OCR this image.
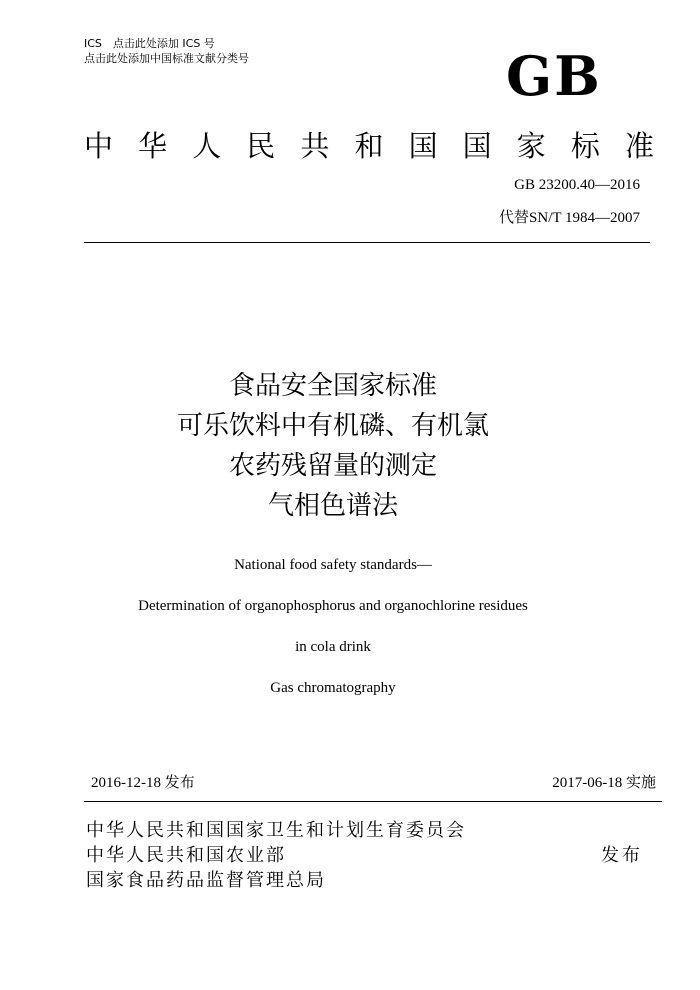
ICS　点击此处添加 ICS 号
点击此处添加中国标准文献分类号	GB
中 华 人 民 共 和 国 国 家 标 准
GB 23200.40—2016
代替SN/T 1984—2007
食品安全国家标准
可乐饮料中有机磷、有机氯
农药残留量的测定
气相色谱法
National food safety standards—
Determination of organophosphorus and organochlorine residues
in cola drink
Gas chromatography
2016-12-18 发布	2017-06-18 实施
中华人民共和国国家卫生和计划生育委员会
中华人民共和国农业部
国家食品药品监督管理总局
发布
